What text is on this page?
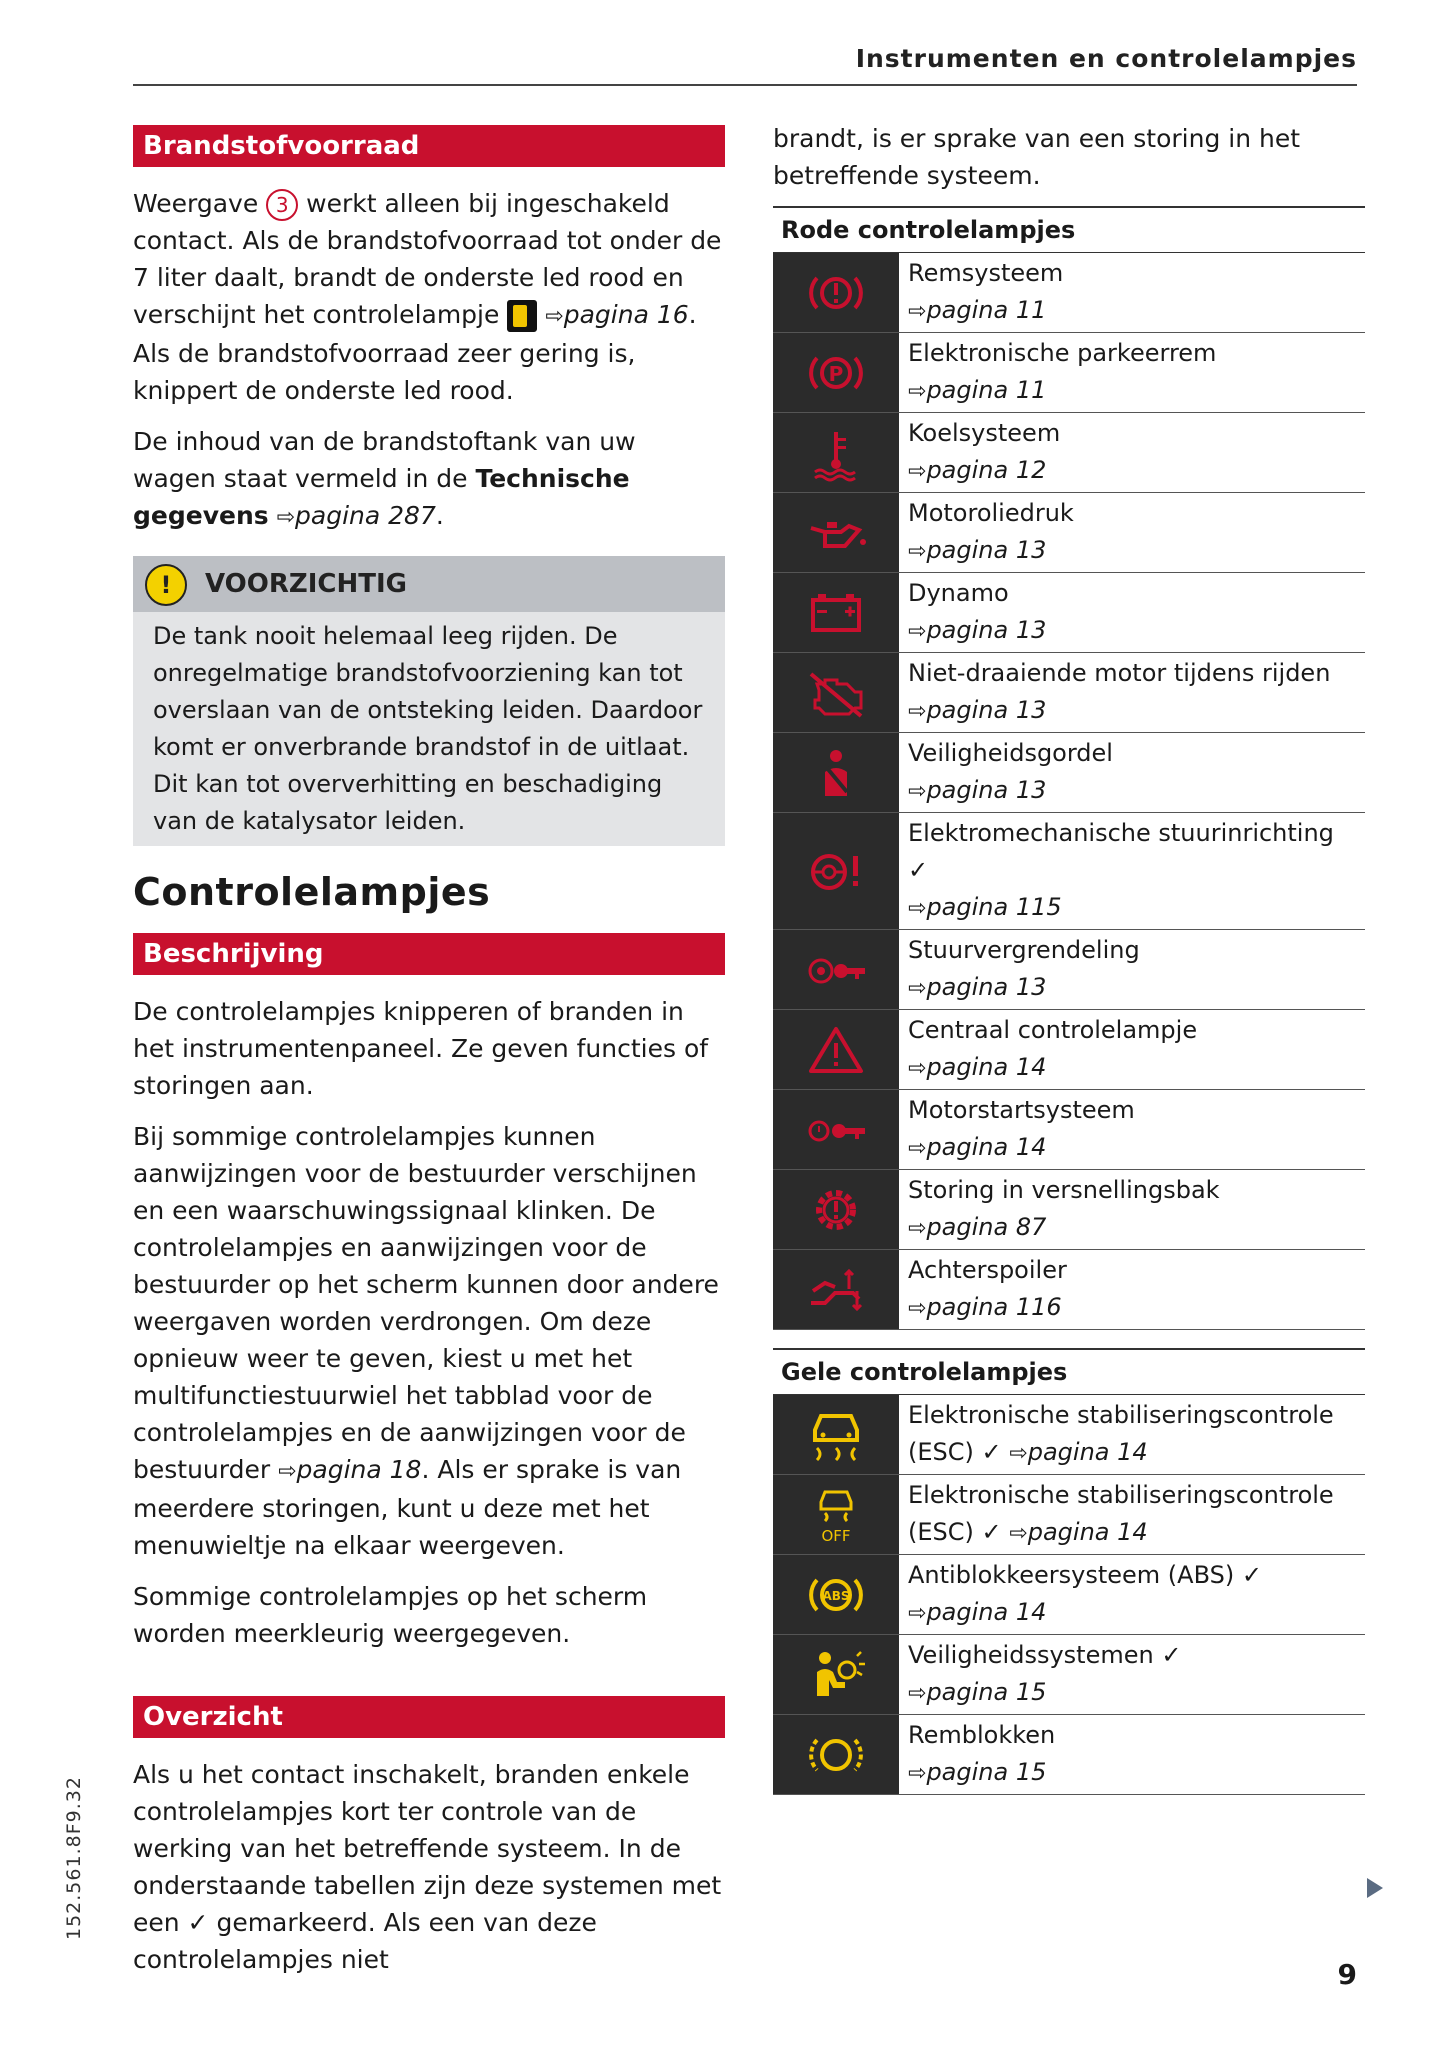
Instrumenten en controlelampjes
Brandstofvoorraad

Weergave 3 werkt alleen bij ingeschakeld contact. Als de brandstofvoorraad tot onder de 7 liter daalt, brandt de onderste led rood en verschijnt het controlelampje ⇨pagina 16. Als de brandstofvoorraad zeer gering is, knippert de onderste led rood.

De inhoud van de brandstoftank van uw wagen staat vermeld in de Technische gegevens ⇨pagina 287.

! VOORZICHTIG
De tank nooit helemaal leeg rijden. De onregelmatige brandstofvoorziening kan tot overslaan van de ontsteking leiden. Daardoor komt er onverbrande brandstof in de uitlaat. Dit kan tot oververhitting en beschadiging van de katalysator leiden.
Controlelampjes
Beschrijving

De controlelampjes knipperen of branden in het instrumentenpaneel. Ze geven functies of storingen aan.

Bij sommige controlelampjes kunnen aanwijzingen voor de bestuurder verschijnen en een waarschuwingssignaal klinken. De controlelampjes en aanwijzingen voor de bestuurder op het scherm kunnen door andere weergaven worden verdrongen. Om deze opnieuw weer te geven, kiest u met het multifunctiestuurwiel het tabblad voor de controlelampjes en de aanwijzingen voor de bestuurder ⇨pagina 18. Als er sprake is van meerdere storingen, kunt u deze met het menuwieltje na elkaar weergeven.

Sommige controlelampjes op het scherm worden meerkleurig weergegeven.

Overzicht

Als u het contact inschakelt, branden enkele controlelampjes kort ter controle van de werking van het betreffende systeem. In de onderstaande tabellen zijn deze systemen met een ✓ gemarkeerd. Als een van deze controlelampjes niet

brandt, is er sprake van een storing in het betreffende systeem.

Rode controlelampjes
Remsysteem
⇨pagina 11
P
Elektronische parkeerrem
⇨pagina 11
Koelsysteem
⇨pagina 12
Motoroliedruk
⇨pagina 13
Dynamo
⇨pagina 13
Niet-draaiende motor tijdens rijden
⇨pagina 13
Veiligheidsgordel
⇨pagina 13
Elektromechanische stuurinrichting
✓
⇨pagina 115
Stuurvergrendeling
⇨pagina 13
Centraal controlelampje
⇨pagina 14
Motorstartsysteem
⇨pagina 14
Storing in versnellingsbak
⇨pagina 87
Achterspoiler
⇨pagina 116
Gele controlelampjes
Elektronische stabiliseringscontrole
(ESC) ✓ ⇨pagina 14
OFF
Elektronische stabiliseringscontrole
(ESC) ✓ ⇨pagina 14
ABS
Antiblokkeersysteem (ABS) ✓
⇨pagina 14
Veiligheidssystemen ✓
⇨pagina 15
Remblokken
⇨pagina 15
152.561.8F9.32
9
